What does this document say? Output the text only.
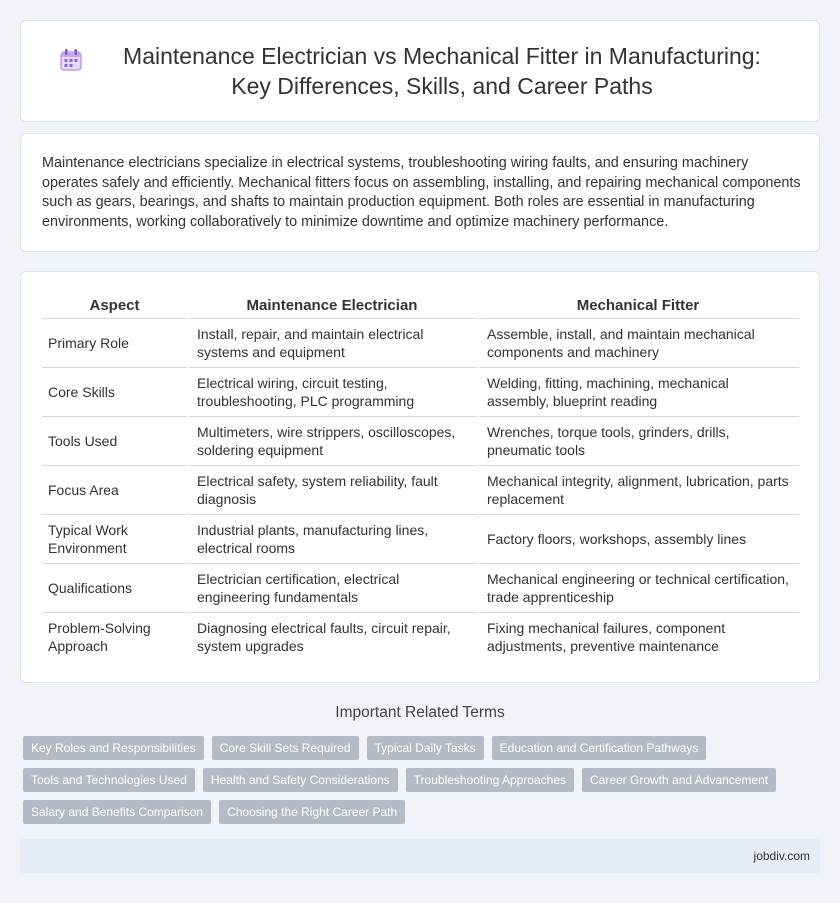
Maintenance Electrician vs Mechanical Fitter in Manufacturing: Key Differences, Skills, and Career Paths

Maintenance electricians specialize in electrical systems, troubleshooting wiring faults, and ensuring machinery operates safely and efficiently. Mechanical fitters focus on assembling, installing, and repairing mechanical components such as gears, bearings, and shafts to maintain production equipment. Both roles are essential in manufacturing environments, working collaboratively to minimize downtime and optimize machinery performance.

Aspect	Maintenance Electrician	Mechanical Fitter
Primary Role	Install, repair, and maintain electrical systems and equipment	Assemble, install, and maintain mechanical components and machinery
Core Skills	Electrical wiring, circuit testing, troubleshooting, PLC programming	Welding, fitting, machining, mechanical assembly, blueprint reading
Tools Used	Multimeters, wire strippers, oscilloscopes, soldering equipment	Wrenches, torque tools, grinders, drills, pneumatic tools
Focus Area	Electrical safety, system reliability, fault diagnosis	Mechanical integrity, alignment, lubrication, parts replacement
Typical Work Environment	Industrial plants, manufacturing lines, electrical rooms	Factory floors, workshops, assembly lines
Qualifications	Electrician certification, electrical engineering fundamentals	Mechanical engineering or technical certification, trade apprenticeship
Problem-Solving Approach	Diagnosing electrical faults, circuit repair, system upgrades	Fixing mechanical failures, component adjustments, preventive maintenance
Important Related Terms
Key Roles and Responsibilities	Core Skill Sets Required	Typical Daily Tasks	Education and Certification Pathways
Tools and Technologies Used	Health and Safety Considerations	Troubleshooting Approaches	Career Growth and Advancement
Salary and Benefits Comparison	Choosing the Right Career Path
jobdiv.com
